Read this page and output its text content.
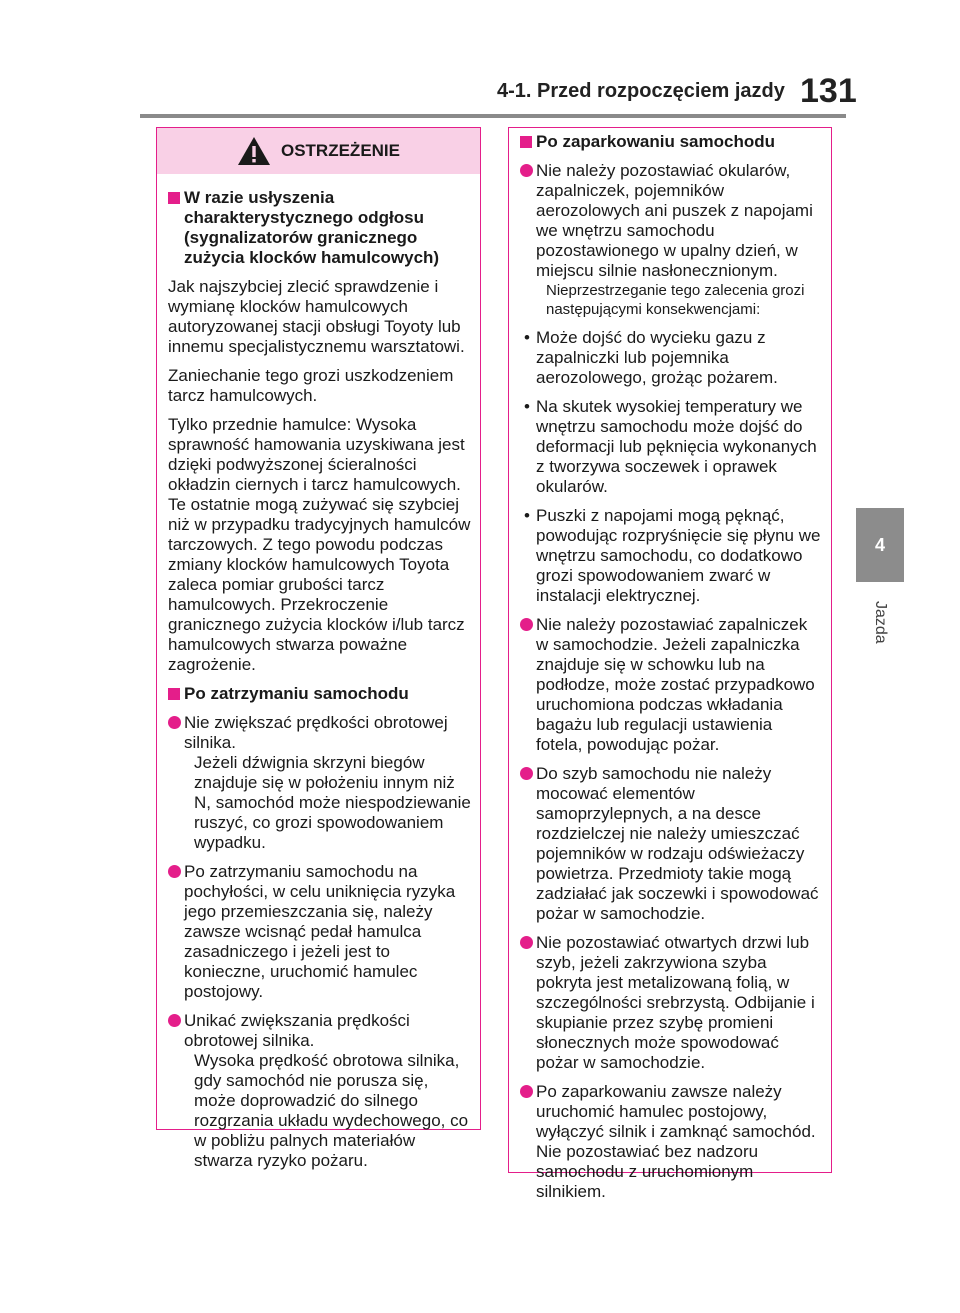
4-1. Przed rozpoczęciem jazdy 131
4
Jazda
OSTRZEŻENIE
W razie usłyszenia charakterystycznego odgłosu (sygnalizatorów granicznego zużycia klocków hamulcowych)

Jak najszybciej zlecić sprawdzenie i wymianę klocków hamulcowych autoryzowanej stacji obsługi Toyoty lub innemu specjalistycznemu warsztatowi.

Zaniechanie tego grozi uszkodzeniem tarcz hamulcowych.

Tylko przednie hamulce: Wysoka sprawność hamowania uzyskiwana jest dzięki podwyższonej ścieralności okładzin ciernych i tarcz hamulcowych. Te ostatnie mogą zużywać się szybciej niż w przypadku tradycyjnych hamulców tarczowych. Z tego powodu podczas zmiany klocków hamulcowych Toyota zaleca pomiar grubości tarcz hamulcowych. Przekroczenie granicznego zużycia klocków i/lub tarcz hamulcowych stwarza poważne zagrożenie.

Po zatrzymaniu samochodu
Nie zwiększać prędkości obrotowej silnika.
Jeżeli dźwignia skrzyni biegów znajduje się w położeniu innym niż N, samochód może niespodziewanie ruszyć, co grozi spowodowaniem wypadku.
Po zatrzymaniu samochodu na pochyłości, w celu uniknięcia ryzyka jego przemieszczania się, należy zawsze wcisnąć pedał hamulca zasadniczego i jeżeli jest to konieczne, uruchomić hamulec postojowy.
Unikać zwiększania prędkości obrotowej silnika.
Wysoka prędkość obrotowa silnika, gdy samochód nie porusza się, może doprowadzić do silnego rozgrzania układu wydechowego, co w pobliżu palnych materiałów stwarza ryzyko pożaru.
Po zaparkowaniu samochodu
Nie należy pozostawiać okularów, zapalniczek, pojemników aerozolowych ani puszek z napojami we wnętrzu samochodu pozostawionego w upalny dzień, w miejscu silnie nasłonecznionym.
Nieprzestrzeganie tego zalecenia grozi następującymi konsekwencjami:
• Może dojść do wycieku gazu z zapalniczki lub pojemnika aerozolowego, grożąc pożarem.
• Na skutek wysokiej temperatury we wnętrzu samochodu może dojść do deformacji lub pęknięcia wykonanych z tworzywa soczewek i oprawek okularów.
• Puszki z napojami mogą pęknąć, powodując rozpryśnięcie się płynu we wnętrzu samochodu, co dodatkowo grozi spowodowaniem zwarć w instalacji elektrycznej.
Nie należy pozostawiać zapalniczek w samochodzie. Jeżeli zapalniczka znajduje się w schowku lub na podłodze, może zostać przypadkowo uruchomiona podczas wkładania bagażu lub regulacji ustawienia fotela, powodując pożar.
Do szyb samochodu nie należy mocować elementów samoprzylepnych, a na desce rozdzielczej nie należy umieszczać pojemników w rodzaju odświeżaczy powietrza. Przedmioty takie mogą zadziałać jak soczewki i spowodować pożar w samochodzie.
Nie pozostawiać otwartych drzwi lub szyb, jeżeli zakrzywiona szyba pokryta jest metalizowaną folią, w szczególności srebrzystą. Odbijanie i skupianie przez szybę promieni słonecznych może spowodować pożar w samochodzie.
Po zaparkowaniu zawsze należy uruchomić hamulec postojowy, wyłączyć silnik i zamknąć samochód. Nie pozostawiać bez nadzoru samochodu z uruchomionym silnikiem.
